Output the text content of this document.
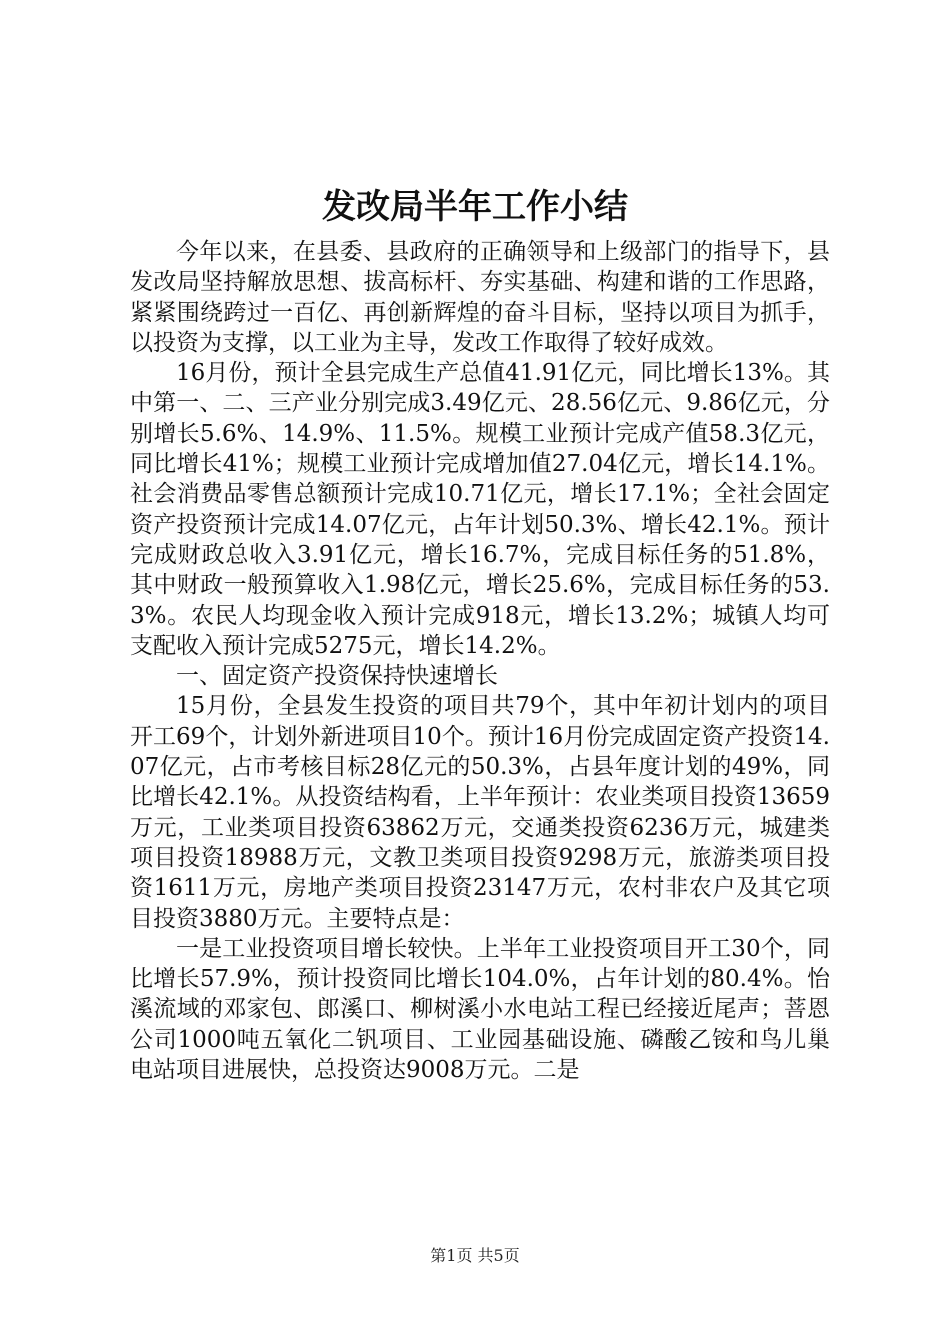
发改局半年工作小结

今年以来，在县委、县政府的正确领导和上级部门的指导下，县发改局坚持解放思想、拔高标杆、夯实基础、构建和谐的工作思路，紧紧围绕跨过一百亿、再创新辉煌的奋斗目标，坚持以项目为抓手，以投资为支撑，以工业为主导，发改工作取得了较好成效。

16月份，预计全县完成生产总值41.91亿元，同比增长13%。其中第一、二、三产业分别完成3.49亿元、28.56亿元、9.86亿元，分别增长5.6%、14.9%、11.5%。规模工业预计完成产值58.3亿元，同比增长41%；规模工业预计完成增加值27.04亿元，增长14.1%。社会消费品零售总额预计完成10.71亿元，增长17.1%；全社会固定资产投资预计完成14.07亿元，占年计划50.3%、增长42.1%。预计完成财政总收入3.91亿元，增长16.7%，完成目标任务的51.8%，其中财政一般预算收入1.98亿元，增长25.6%，完成目标任务的53.3%。农民人均现金收入预计完成918元，增长13.2%；城镇人均可支配收入预计完成5275元，增长14.2%。

一、固定资产投资保持快速增长

15月份，全县发生投资的项目共79个，其中年初计划内的项目开工69个，计划外新进项目10个。预计16月份完成固定资产投资14.07亿元，占市考核目标28亿元的50.3%，占县年度计划的49%，同比增长42.1%。从投资结构看，上半年预计：农业类项目投资13659万元，工业类项目投资63862万元，交通类投资6236万元，城建类项目投资18988万元，文教卫类项目投资9298万元，旅游类项目投资1611万元，房地产类项目投资23147万元，农村非农户及其它项目投资3880万元。主要特点是：

一是工业投资项目增长较快。上半年工业投资项目开工30个，同比增长57.9%，预计投资同比增长104.0%，占年计划的80.4%。怡溪流域的邓家包、郎溪口、柳树溪小水电站工程已经接近尾声；菩恩公司1000吨五氧化二钒项目、工业园基础设施、磷酸乙铵和鸟儿巢电站项目进展快，总投资达9008万元。二是

第1页 共5页
